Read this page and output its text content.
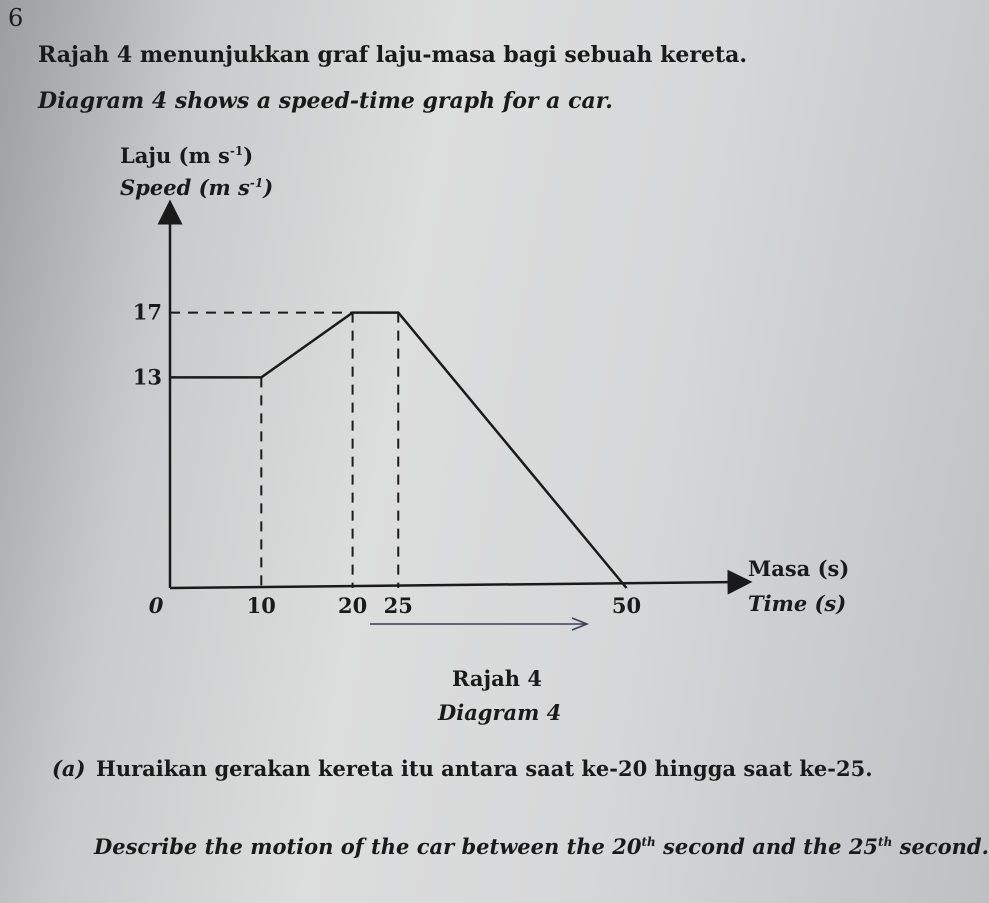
6
Rajah 4 menunjukkan graf laju-masa bagi sebuah kereta.
Diagram 4 shows a speed-time graph for a car.
Laju (m $s^{-1}$)
Speed (m $s^{-1}$)
0	10	20 25	50
17
13
Masa (s)
Time (s)
Rajah 4
Diagram 4
(a) Huraikan gerakan kereta itu antara saat ke-20 hingga saat ke-25.
Describe the motion of the car between the 20th second and the 25th second.
